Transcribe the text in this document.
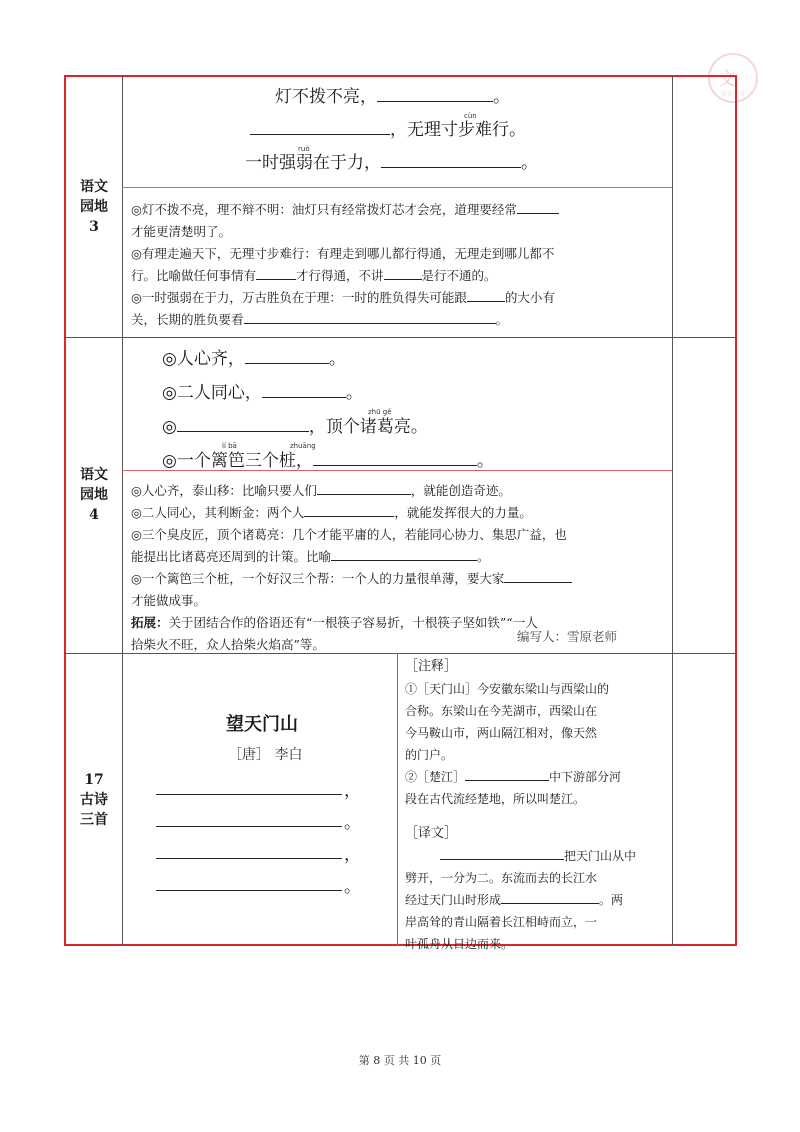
文
天天学习
语文
园地
3
灯不拨不亮，	。
cùn
，无理寸步难行。
ruò
一时强弱在于力，	。
◎灯不拨不亮，理不辩不明：油灯只有经常拨灯芯才会亮，道理要经常
才能更清楚明了。
◎有理走遍天下，无理寸步难行：有理走到哪儿都行得通，无理走到哪儿都不
行。比喻做任何事情有	才行得通，不讲	是行不通的。
◎一时强弱在于力，万古胜负在于理：一时的胜负得失可能跟	的大小有
关，长期的胜负要看	。
语文
园地
4
◎人心齐，	。
◎二人同心，	。
zhū gě
◎	，顶个诸葛亮。
lí bā	zhuāng
◎一个篱笆三个桩，	。
◎人心齐，泰山移：比喻只要人们	，就能创造奇迹。
◎二人同心，其利断金：两个人	，就能发挥很大的力量。
◎三个臭皮匠，顶个诸葛亮：几个才能平庸的人，若能同心协力、集思广益，也
能提出比诸葛亮还周到的计策。比喻	。
◎一个篱笆三个桩，一个好汉三个帮：一个人的力量很单薄，要大家
才能做成事。
拓展：关于团结合作的俗语还有“一根筷子容易折，十根筷子坚如铁”“一人
拾柴火不旺，众人拾柴火焰高”等。
编写人：雪原老师
17
古诗
三首
望天门山
［唐］ 李白
，
。
，
。
［注释］
①［天门山］今安徽东梁山与西梁山的
合称。东梁山在今芜湖市，西梁山在
今马鞍山市，两山隔江相对，像天然
的门户。
②［楚江］	中下游部分河
段在古代流经楚地，所以叫楚江。
［译文］
把天门山从中
劈开，一分为二。东流而去的长江水
经过天门山时形成	。两
岸高耸的青山隔着长江相峙而立，一
叶孤舟从日边而来。
第 8 页 共 10 页
